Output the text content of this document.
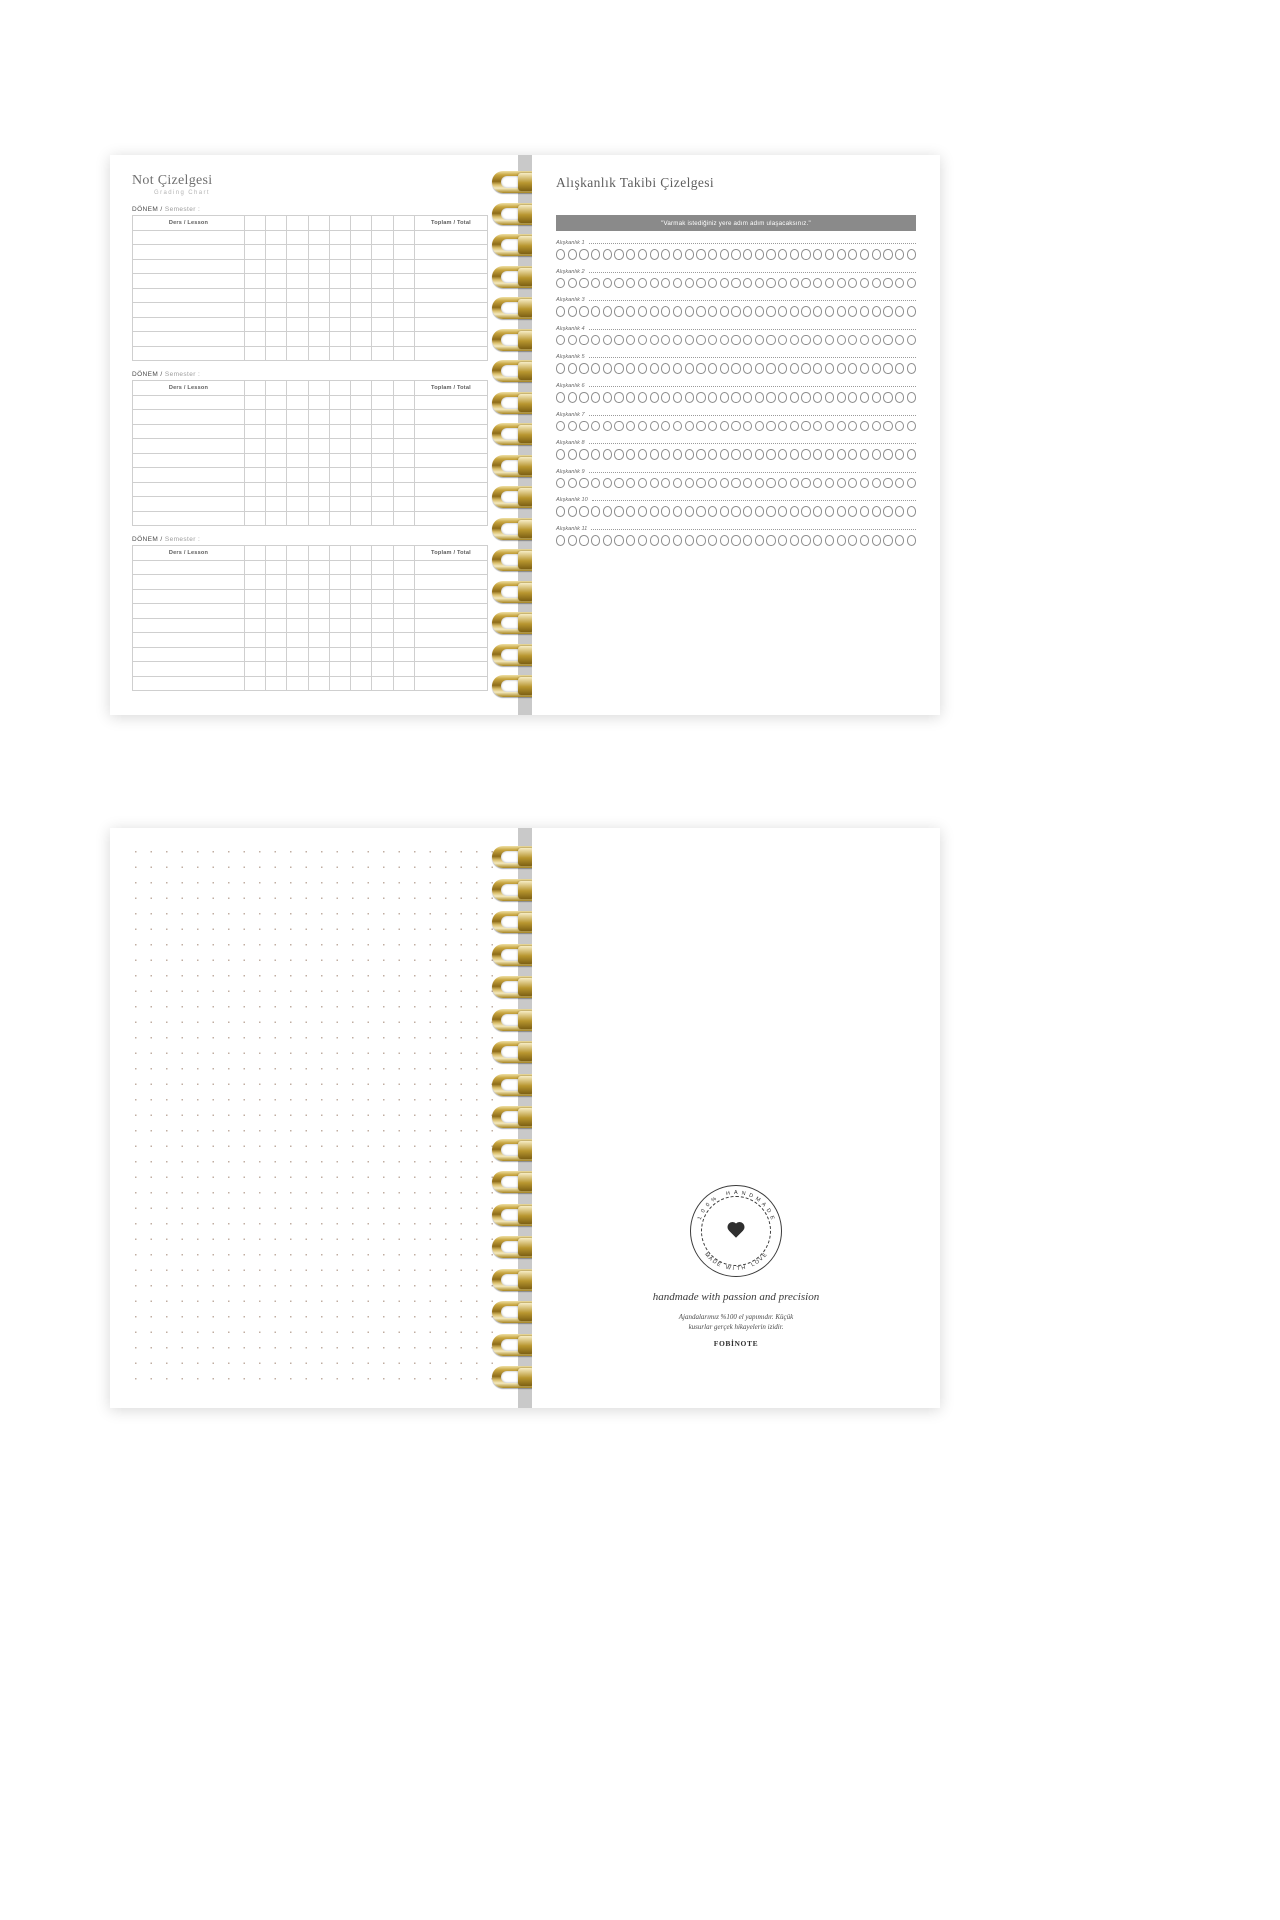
Not Çizelgesi
Grading Chart
DÖNEM / Semester :
Ders / Lesson									Toplam / Total

DÖNEM / Semester :
Ders / Lesson									Toplam / Total

DÖNEM / Semester :
Ders / Lesson									Toplam / Total

Alışkanlık Takibi Çizelgesi
"Varmak istediğiniz yere adım adım ulaşacaksınız."
Alışkanlık 1
Alışkanlık 2
Alışkanlık 3
Alışkanlık 4
Alışkanlık 5
Alışkanlık 6
Alışkanlık 7
Alışkanlık 8
Alışkanlık 9
Alışkanlık 10
Alışkanlık 11
1
0
0
%
H A N D M
A
D
E
M
A
D
E W I T H L
O
V
E
handmade with passion and precision
Ajandalarımız %100 el yapımıdır. Küçük
kusurlar gerçek hikayelerin izidir.
FOBİNOTE
